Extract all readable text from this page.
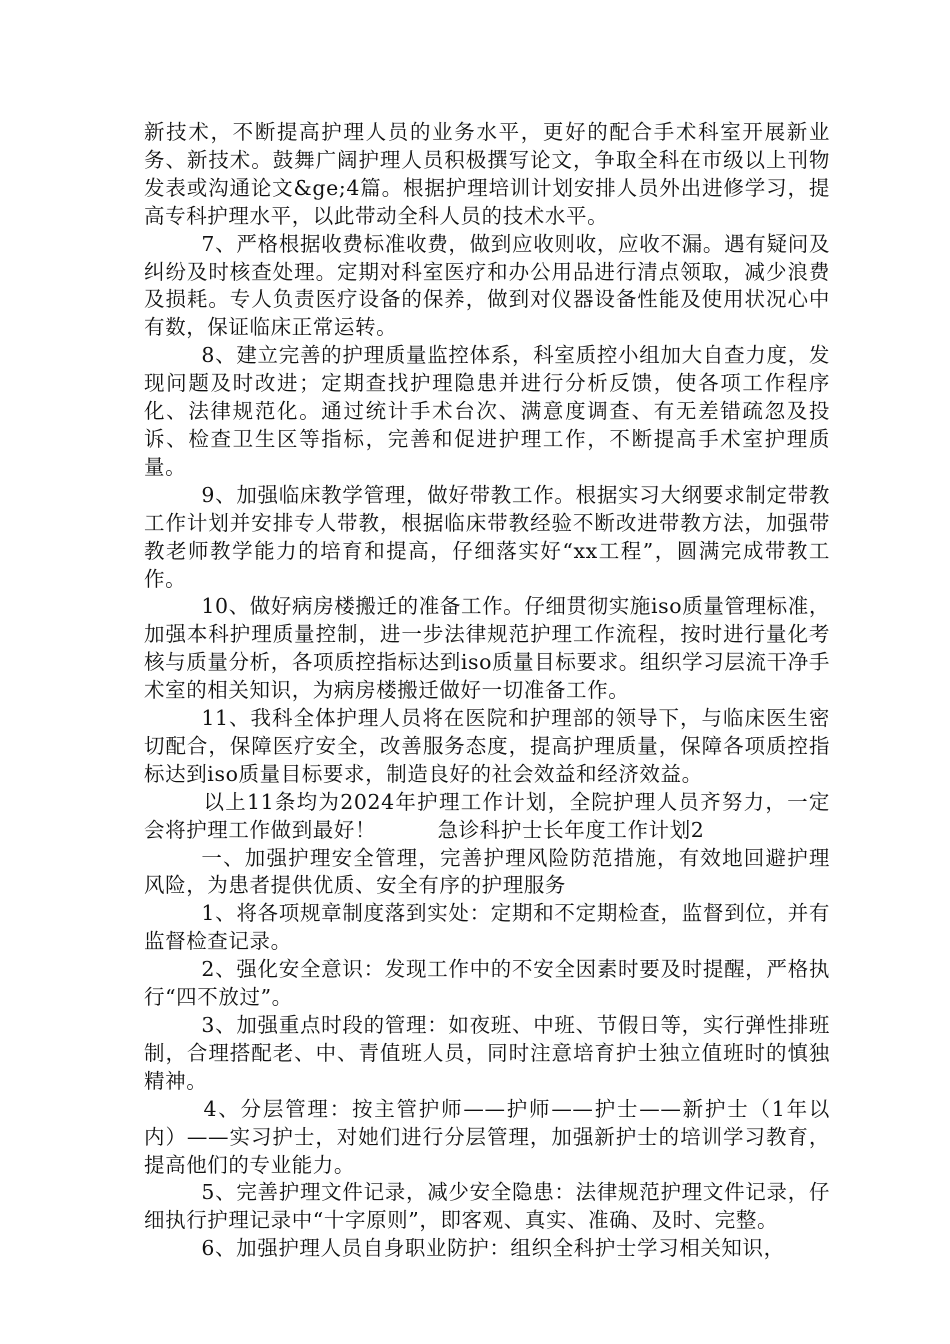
新技术，不断提高护理人员的业务水平，更好的配合手术科室开展新业务、新技术。鼓舞广阔护理人员积极撰写论文，争取全科在市级以上刊物发表或沟通论文&ge;4篇。根据护理培训计划安排人员外出进修学习，提高专科护理水平，以此带动全科人员的技术水平。

7、严格根据收费标准收费，做到应收则收，应收不漏。遇有疑问及纠纷及时核查处理。定期对科室医疗和办公用品进行清点领取，减少浪费及损耗。专人负责医疗设备的保养，做到对仪器设备性能及使用状况心中有数，保证临床正常运转。

8、建立完善的护理质量监控体系，科室质控小组加大自查力度，发现问题及时改进；定期查找护理隐患并进行分析反馈，使各项工作程序化、法律规范化。通过统计手术台次、满意度调查、有无差错疏忽及投诉、检查卫生区等指标，完善和促进护理工作，不断提高手术室护理质量。

9、加强临床教学管理，做好带教工作。根据实习大纲要求制定带教工作计划并安排专人带教，根据临床带教经验不断改进带教方法，加强带教老师教学能力的培育和提高，仔细落实好“xx工程”，圆满完成带教工作。

10、做好病房楼搬迁的准备工作。仔细贯彻实施iso质量管理标准，加强本科护理质量控制，进一步法律规范护理工作流程，按时进行量化考核与质量分析，各项质控指标达到iso质量目标要求。组织学习层流干净手术室的相关知识，为病房楼搬迁做好一切准备工作。

11、我科全体护理人员将在医院和护理部的领导下，与临床医生密切配合，保障医疗安全，改善服务态度，提高护理质量，保障各项质控指标达到iso质量目标要求，制造良好的社会效益和经济效益。

以上11条均为2024年护理工作计划，全院护理人员齐努力，一定会将护理工作做到最好！	急诊科护士长年度工作计划2

一、加强护理安全管理，完善护理风险防范措施，有效地回避护理风险，为患者提供优质、安全有序的护理服务

1、将各项规章制度落到实处：定期和不定期检查，监督到位，并有监督检查记录。

2、强化安全意识：发现工作中的不安全因素时要及时提醒，严格执行“四不放过”。

3、加强重点时段的管理：如夜班、中班、节假日等，实行弹性排班制，合理搭配老、中、青值班人员，同时注意培育护士独立值班时的慎独精神。

4、分层管理：按主管护师——护师——护士——新护士（1年以内）——实习护士，对她们进行分层管理，加强新护士的培训学习教育，提高他们的专业能力。

5、完善护理文件记录，减少安全隐患：法律规范护理文件记录，仔细执行护理记录中“十字原则”，即客观、真实、准确、及时、完整。

6、加强护理人员自身职业防护：组织全科护士学习相关知识，
